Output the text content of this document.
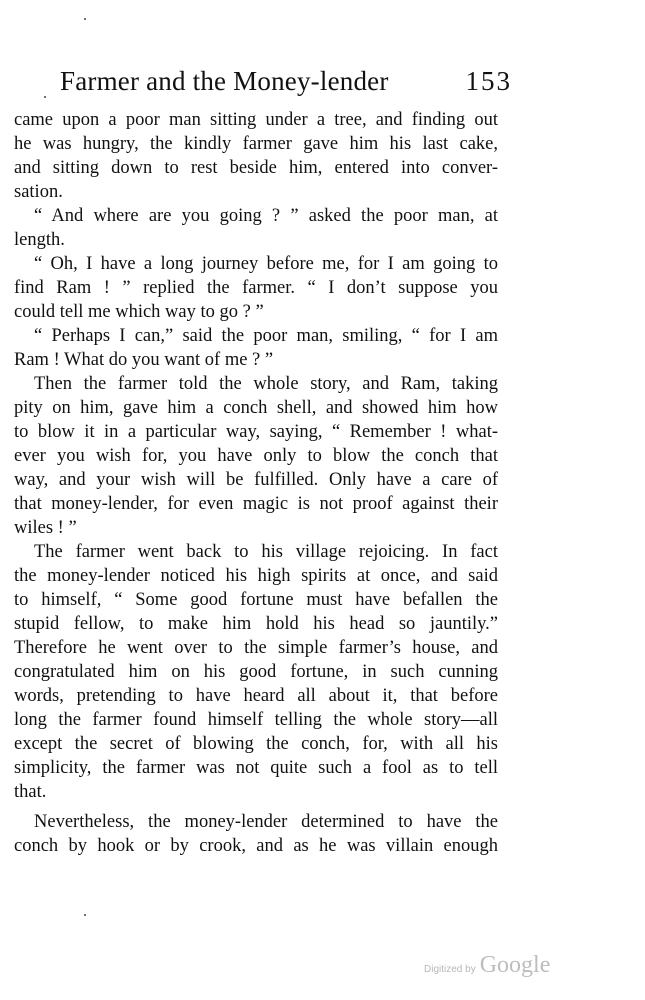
Farmer and the Money-lender	153
came upon a poor man sitting under a tree, and finding out
he was hungry, the kindly farmer gave him his last cake,
and sitting down to rest beside him, entered into conver-
sation.
“ And where are you going ? ” asked the poor man, at
length.
“ Oh, I have a long journey before me, for I am going to
find Ram ! ” replied the farmer. “ I don’t suppose you
could tell me which way to go ? ”
“ Perhaps I can,” said the poor man, smiling, “ for I am
Ram ! What do you want of me ? ”
Then the farmer told the whole story, and Ram, taking
pity on him, gave him a conch shell, and showed him how
to blow it in a particular way, saying, “ Remember ! what-
ever you wish for, you have only to blow the conch that
way, and your wish will be fulfilled. Only have a care of
that money-lender, for even magic is not proof against their
wiles ! ”
The farmer went back to his village rejoicing. In fact
the money-lender noticed his high spirits at once, and said
to himself, “ Some good fortune must have befallen the
stupid fellow, to make him hold his head so jauntily.”
Therefore he went over to the simple farmer’s house, and
congratulated him on his good fortune, in such cunning
words, pretending to have heard all about it, that before
long the farmer found himself telling the whole story—all
except the secret of blowing the conch, for, with all his
simplicity, the farmer was not quite such a fool as to tell
that.
Nevertheless, the money-lender determined to have the
conch by hook or by crook, and as he was villain enough
Digitized by Google
